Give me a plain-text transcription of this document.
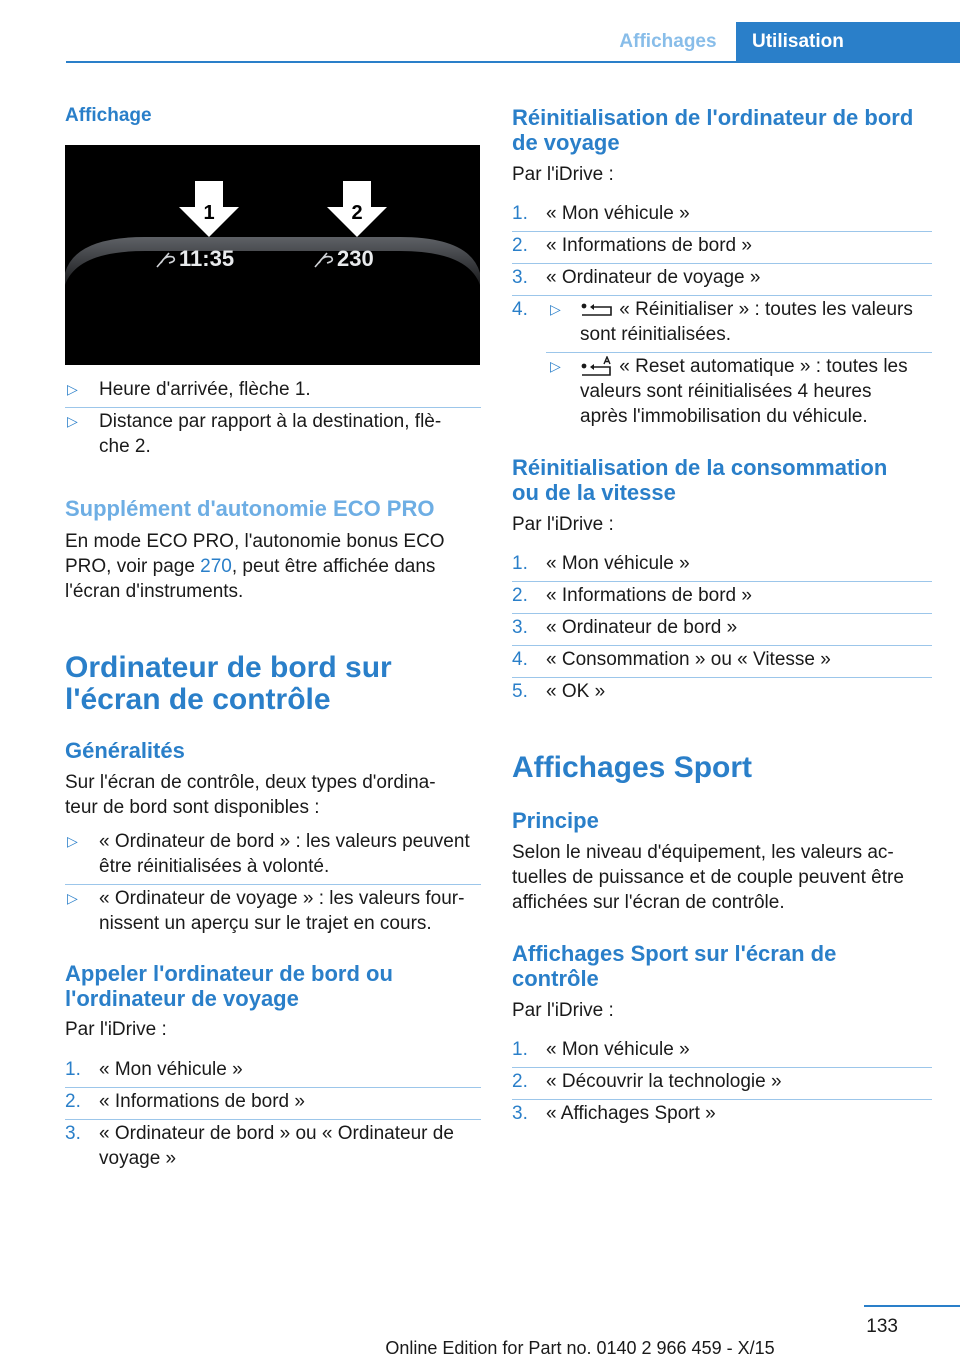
Affichages	Utilisation
Affichage
1	2
11:35	230
▷ Heure d'arrivée, flèche 1.
▷ Distance par rapport à la destination, flè-
che 2.
Supplément d'autonomie ECO PRO
En mode ECO PRO, l'autonomie bonus ECO
PRO, voir page 270, peut être affichée dans
l'écran d'instruments.
Ordinateur de bord sur
l'écran de contrôle
Généralités
Sur l'écran de contrôle, deux types d'ordina-
teur de bord sont disponibles :
▷ « Ordinateur de bord » : les valeurs peuvent
être réinitialisées à volonté.
▷ « Ordinateur de voyage » : les valeurs four-
nissent un aperçu sur le trajet en cours.
Appeler l'ordinateur de bord ou
l'ordinateur de voyage
Par l'iDrive :
1. « Mon véhicule »
2. « Informations de bord »
3. « Ordinateur de bord » ou « Ordinateur de
voyage »
Réinitialisation de l'ordinateur de bord
de voyage
Par l'iDrive :
1. « Mon véhicule »
2. « Informations de bord »
3. « Ordinateur de voyage »
4. ▷	« Réinitialiser » : toutes les valeurs
sont réinitialisées.
▷	« Reset automatique » : toutes les
valeurs sont réinitialisées 4 heures
après l'immobilisation du véhicule.
Réinitialisation de la consommation
ou de la vitesse
Par l'iDrive :
1. « Mon véhicule »
2. « Informations de bord »
3. « Ordinateur de bord »
4. « Consommation » ou « Vitesse »
5. « OK »
Affichages Sport
Principe
Selon le niveau d'équipement, les valeurs ac-
tuelles de puissance et de couple peuvent être
affichées sur l'écran de contrôle.
Affichages Sport sur l'écran de
contrôle
Par l'iDrive :
1. « Mon véhicule »
2. « Découvrir la technologie »
3. « Affichages Sport »
133
Online Edition for Part no. 0140 2 966 459 - X/15
